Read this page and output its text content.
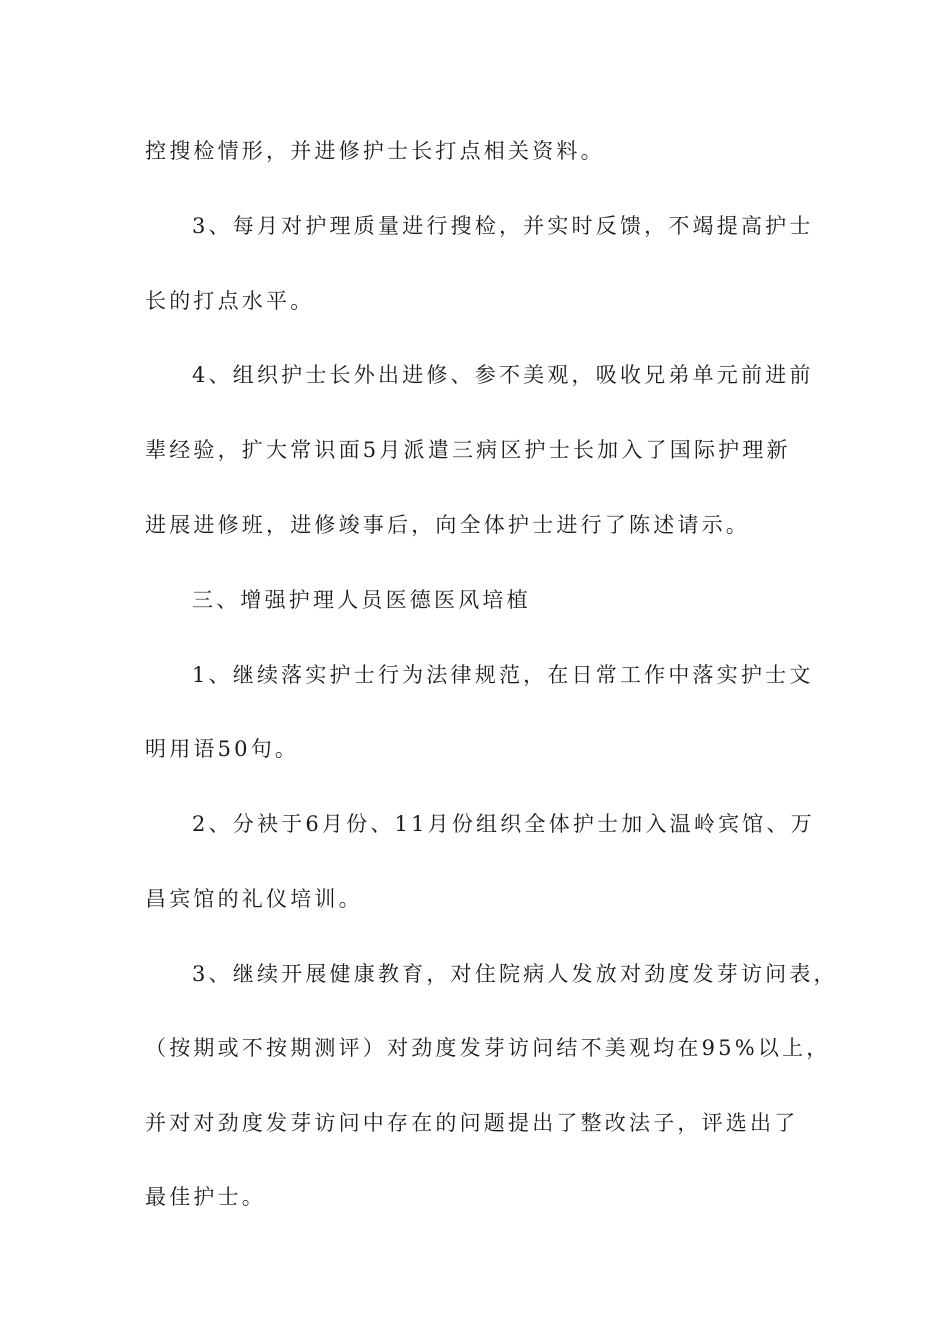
控搜检情形，并进修护士长打点相关资料。
3、每月对护理质量进行搜检，并实时反馈，不竭提高护士
长的打点水平。
4、组织护士长外出进修、参不美观，吸收兄弟单元前进前
辈经验，扩大常识面5月派遣三病区护士长加入了国际护理新
进展进修班，进修竣事后，向全体护士进行了陈述请示。
三、增强护理人员医德医风培植
1、继续落实护士行为法律规范，在日常工作中落实护士文
明用语50句。
2、分袂于6月份、11月份组织全体护士加入温岭宾馆、万
昌宾馆的礼仪培训。
3、继续开展健康教育，对住院病人发放对劲度发芽访问表，
（按期或不按期测评）对劲度发芽访问结不美观均在95%以上，
并对对劲度发芽访问中存在的问题提出了整改法子，评选出了
最佳护士。
